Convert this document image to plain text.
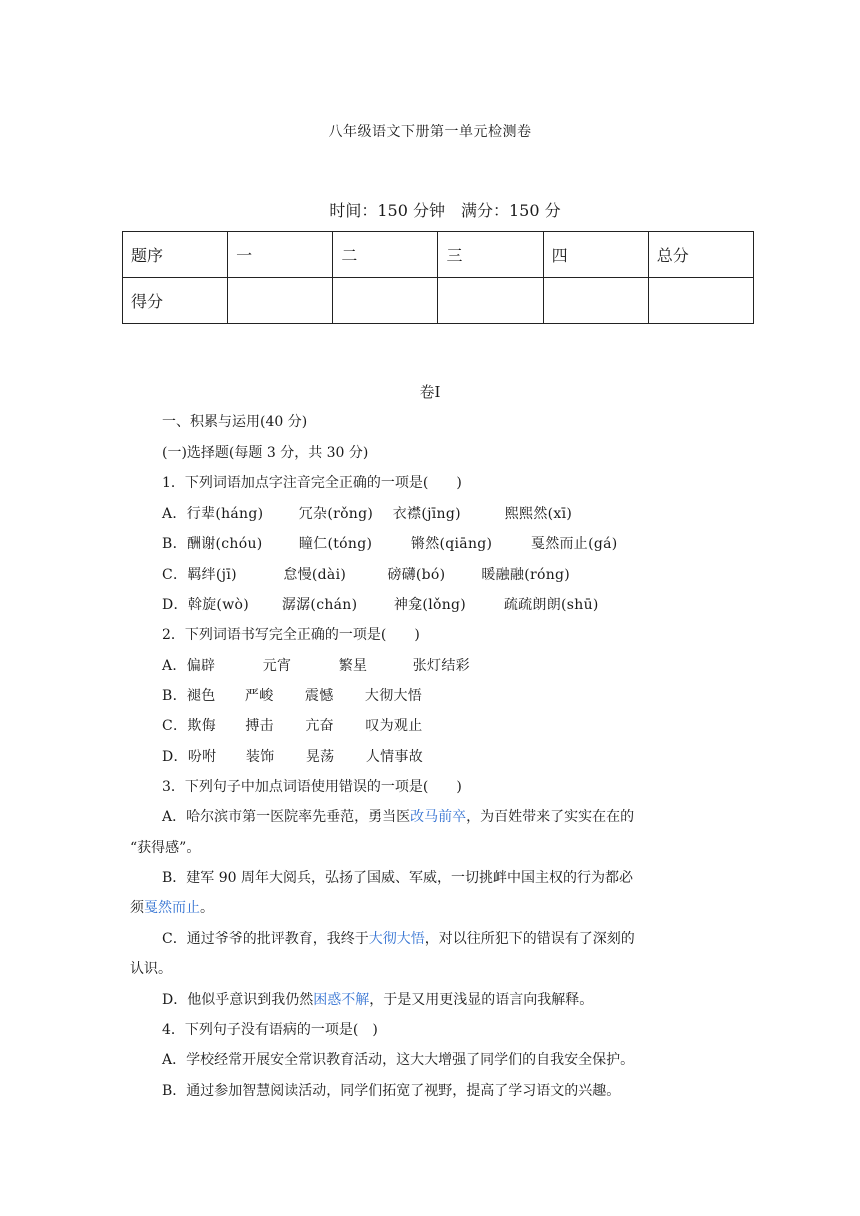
八年级语文下册第一单元检测卷
时间：150 分钟 满分：150 分
题序	一	二	三	四	总分
得分					
卷Ⅰ
一、积累与运用(40 分)
(一)选择题(每题 3 分，共 30 分)
1．下列词语加点字注音完全正确的一项是(　　)
A．行辈(háng)	冗杂(rǒng) 衣襟(jīng)	熙熙然(xī)
B．酬谢(chóu)	瞳仁(tóng)	锵然(qiāng)	戛然而止(gá)
C．羁绊(jī)	怠慢(dài)	磅礴(bó)	暖融融(róng)
D．斡旋(wò) 潺潺(chán)	神龛(lǒng)	疏疏朗朗(shū)
2．下列词语书写完全正确的一项是(　　)
A．偏辟	元宵	繁星	张灯结彩
B．褪色 严峻 震憾 大彻大悟
C．欺侮 搏击 亢奋 叹为观止
D．吩咐 装饰 晃荡 人情事故
3．下列句子中加点词语使用错误的一项是(　　)
A．哈尔滨市第一医院率先垂范，勇当医改马前卒，为百姓带来了实实在在的
“获得感”。
B．建军 90 周年大阅兵，弘扬了国威、军威，一切挑衅中国主权的行为都必
须戛然而止。
C．通过爷爷的批评教育，我终于大彻大悟，对以往所犯下的错误有了深刻的
认识。
D．他似乎意识到我仍然困惑不解，于是又用更浅显的语言向我解释。
4．下列句子没有语病的一项是(　)
A．学校经常开展安全常识教育活动，这大大增强了同学们的自我安全保护。
B．通过参加智慧阅读活动，同学们拓宽了视野，提高了学习语文的兴趣。
